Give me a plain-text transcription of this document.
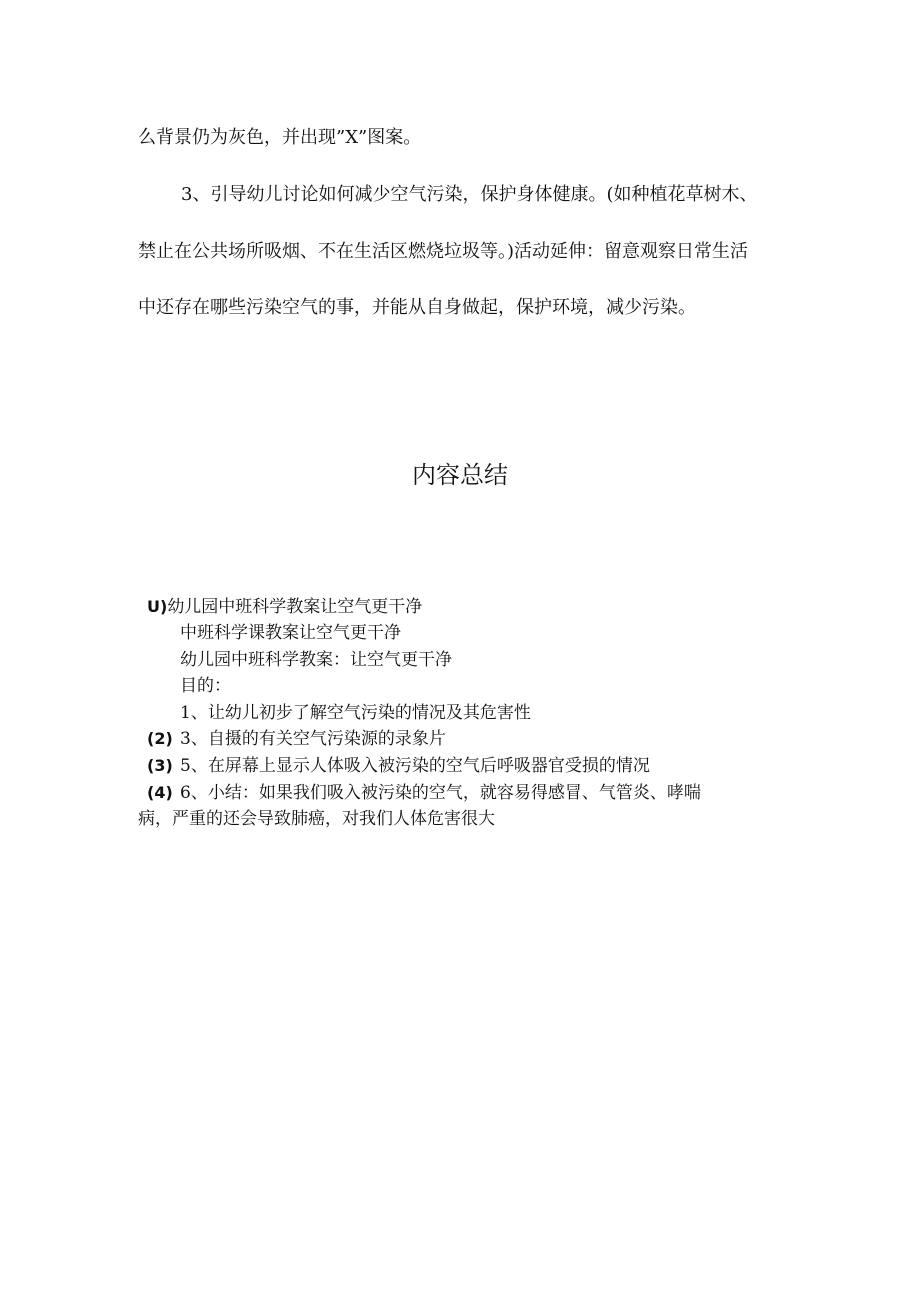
么背景仍为灰色，并出现”X”图案。
3、引导幼儿讨论如何减少空气污染，保护身体健康。(如种植花草树木、
禁止在公共场所吸烟、不在生活区燃烧垃圾等。)活动延伸：留意观察日常生活
中还存在哪些污染空气的事，并能从自身做起，保护环境，减少污染。
内容总结
U)幼儿园中班科学教案让空气更干净
中班科学课教案让空气更干净
幼儿园中班科学教案：让空气更干净
目的：
1、让幼儿初步了解空气污染的情况及其危害性
(2) 3、自摄的有关空气污染源的录象片
(3) 5、在屏幕上显示人体吸入被污染的空气后呼吸器官受损的情况
(4) 6、小结：如果我们吸入被污染的空气，就容易得感冒、气管炎、哮喘
病，严重的还会导致肺癌，对我们人体危害很大
